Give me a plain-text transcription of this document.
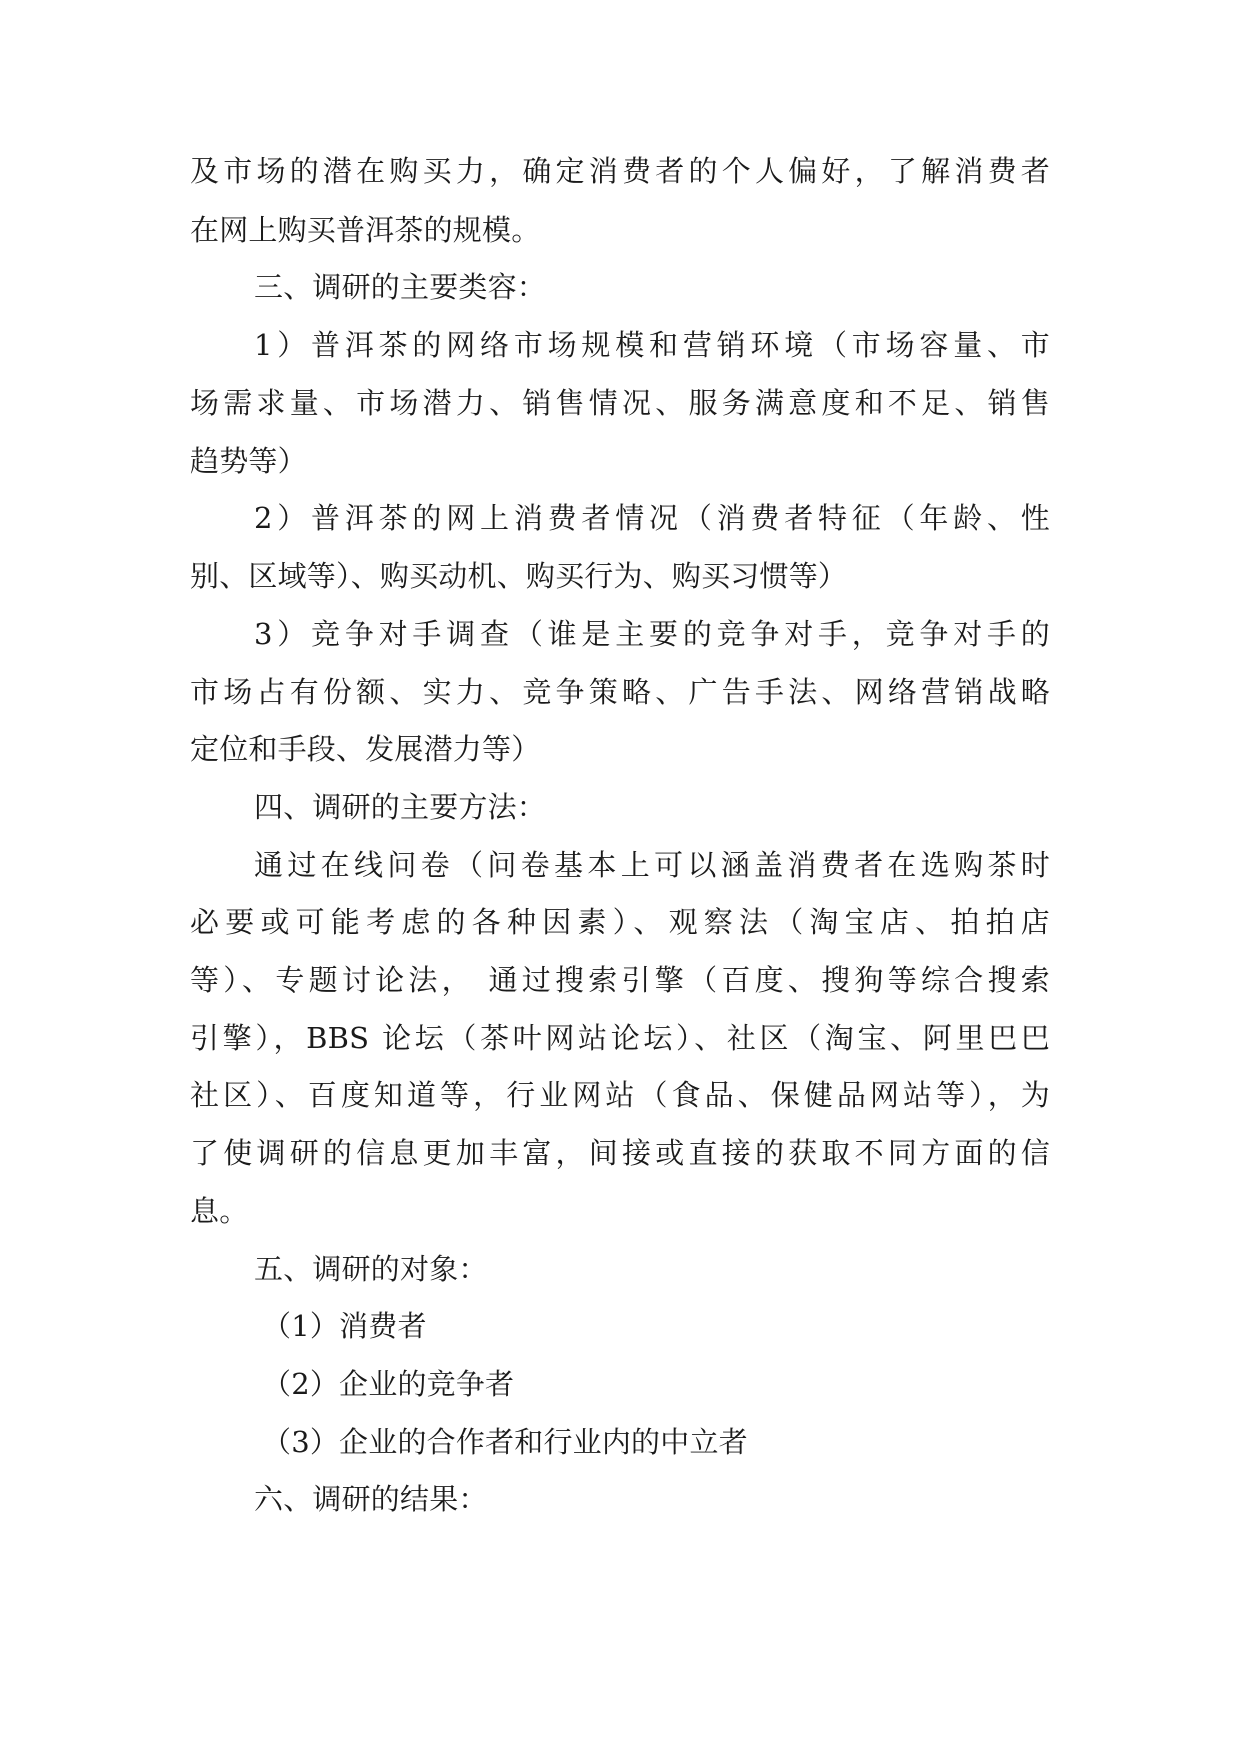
及市场的潜在购买力，确定消费者的个人偏好，了解消费者
在网上购买普洱茶的规模。
三、调研的主要类容：
1）普洱茶的网络市场规模和营销环境（市场容量、市
场需求量、市场潜力、销售情况、服务满意度和不足、销售
趋势等）
2）普洱茶的网上消费者情况（消费者特征（年龄、性
别、区域等）、购买动机、购买行为、购买习惯等）
3）竞争对手调查（谁是主要的竞争对手，竞争对手的
市场占有份额、实力、竞争策略、广告手法、网络营销战略
定位和手段、发展潜力等）
四、调研的主要方法：
通过在线问卷（问卷基本上可以涵盖消费者在选购茶时
必要或可能考虑的各种因素）、观察法（淘宝店、拍拍店
等）、专题讨论法， 通过搜索引擎（百度、搜狗等综合搜索
引擎），BBS 论坛（茶叶网站论坛）、社区（淘宝、阿里巴巴
社区）、百度知道等，行业网站（食品、保健品网站等），为
了使调研的信息更加丰富，间接或直接的获取不同方面的信
息。
五、调研的对象：
（1）消费者
（2）企业的竞争者
（3）企业的合作者和行业内的中立者
六、调研的结果：
